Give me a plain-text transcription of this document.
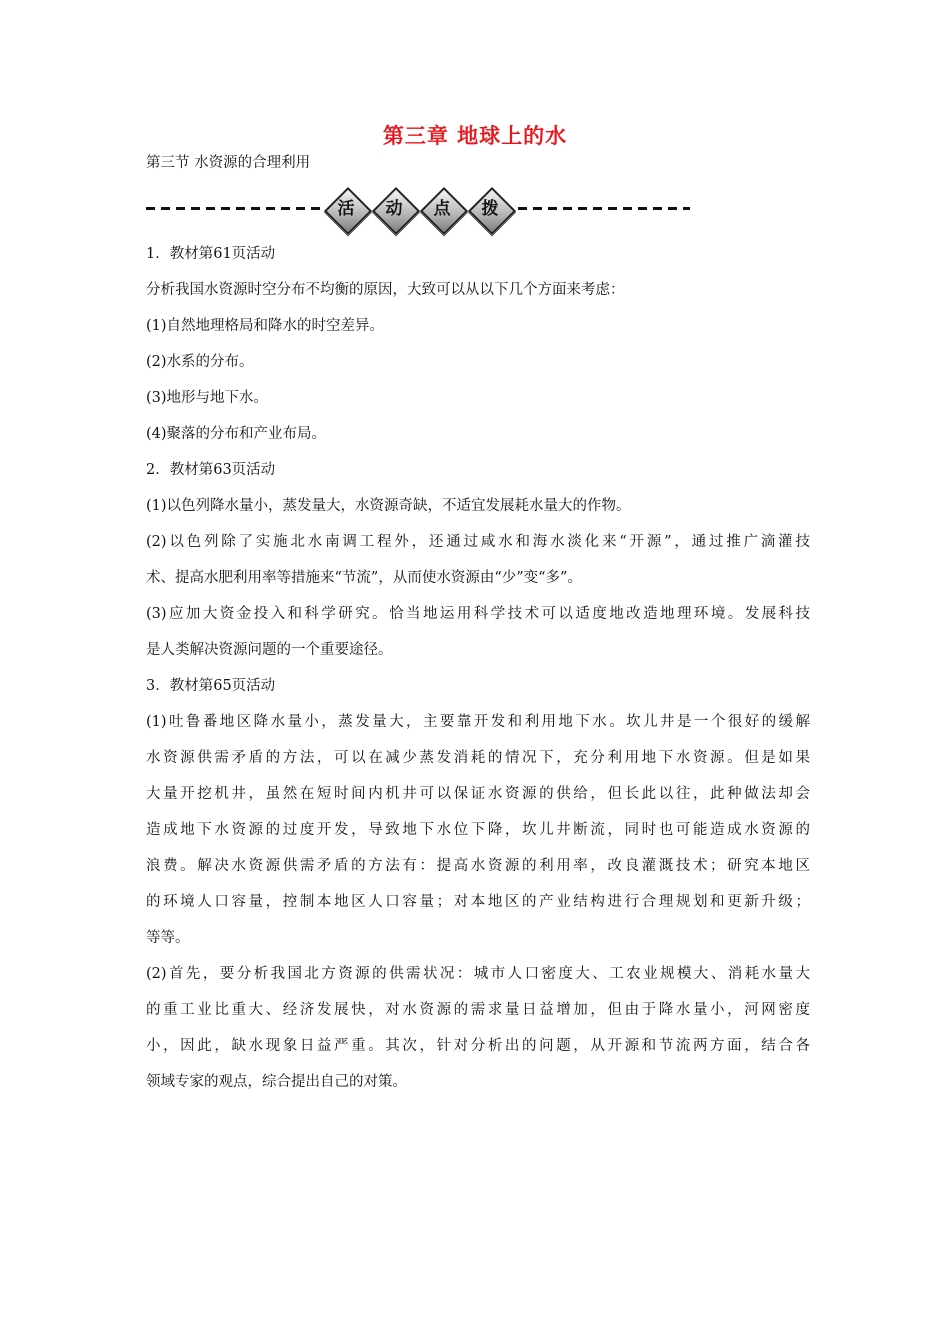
第三章 地球上的水
第三节 水资源的合理利用
活	动	点	拨
1．教材第61页活动
分析我国水资源时空分布不均衡的原因，大致可以从以下几个方面来考虑：
(1)自然地理格局和降水的时空差异。
(2)水系的分布。
(3)地形与地下水。
(4)聚落的分布和产业布局。
2．教材第63页活动
(1)以色列降水量小，蒸发量大，水资源奇缺，不适宜发展耗水量大的作物。
(2)以色列除了实施北水南调工程外，还通过咸水和海水淡化来“开源”，通过推广滴灌技
术、提高水肥利用率等措施来“节流”，从而使水资源由“少”变“多”。
(3)应加大资金投入和科学研究。恰当地运用科学技术可以适度地改造地理环境。发展科技
是人类解决资源问题的一个重要途径。
3．教材第65页活动
(1)吐鲁番地区降水量小，蒸发量大，主要靠开发和利用地下水。坎儿井是一个很好的缓解
水资源供需矛盾的方法，可以在减少蒸发消耗的情况下，充分利用地下水资源。但是如果
大量开挖机井，虽然在短时间内机井可以保证水资源的供给，但长此以往，此种做法却会
造成地下水资源的过度开发，导致地下水位下降，坎儿井断流，同时也可能造成水资源的
浪费。解决水资源供需矛盾的方法有：提高水资源的利用率，改良灌溉技术；研究本地区
的环境人口容量，控制本地区人口容量；对本地区的产业结构进行合理规划和更新升级；
等等。
(2)首先，要分析我国北方资源的供需状况：城市人口密度大、工农业规模大、消耗水量大
的重工业比重大、经济发展快，对水资源的需求量日益增加，但由于降水量小，河网密度
小，因此，缺水现象日益严重。其次，针对分析出的问题，从开源和节流两方面，结合各
领域专家的观点，综合提出自己的对策。
